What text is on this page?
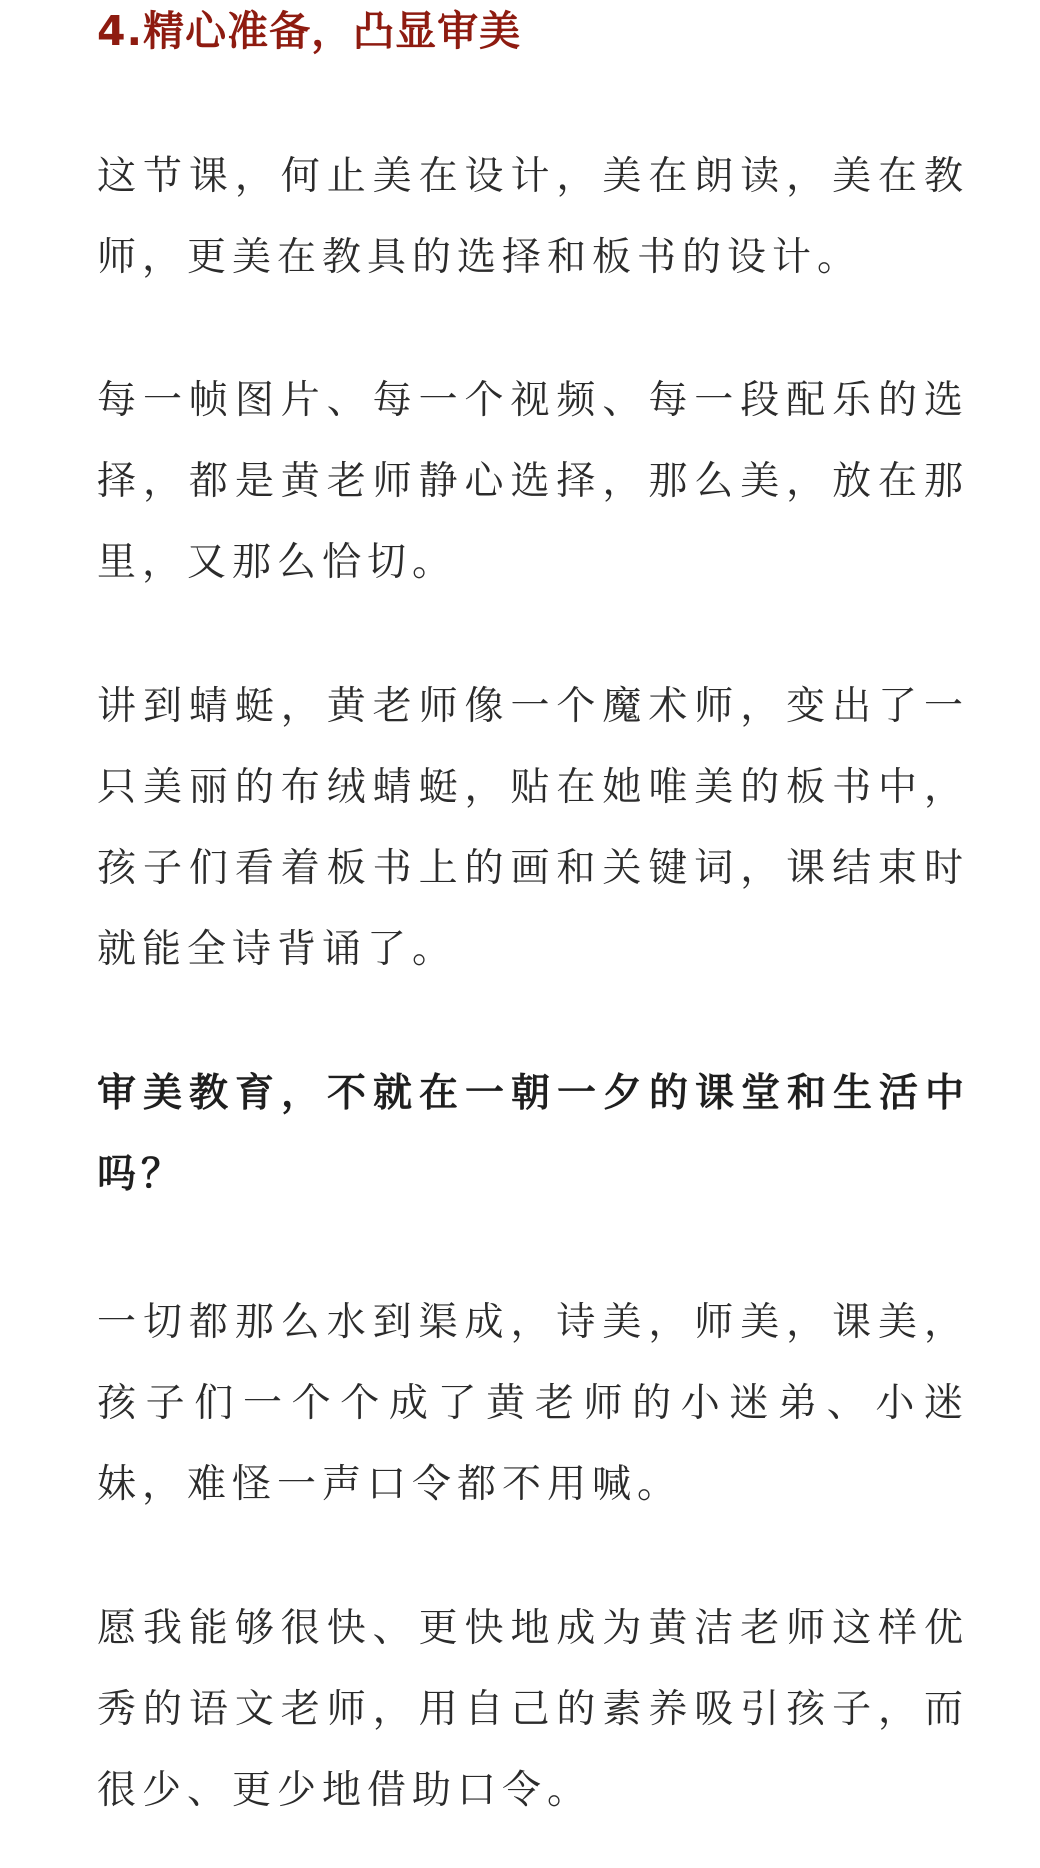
4.精心准备，凸显审美

这节课，何止美在设计，美在朗读，美在教师，更美在教具的选择和板书的设计。

每一帧图片、每一个视频、每一段配乐的选择，都是黄老师静心选择，那么美，放在那里，又那么恰切。

讲到蜻蜓，黄老师像一个魔术师，变出了一只美丽的布绒蜻蜓，贴在她唯美的板书中，孩子们看着板书上的画和关键词，课结束时就能全诗背诵了。

审美教育，不就在一朝一夕的课堂和生活中吗？

一切都那么水到渠成，诗美，师美，课美，孩子们一个个成了黄老师的小迷弟、小迷妹，难怪一声口令都不用喊。

愿我能够很快、更快地成为黄洁老师这样优秀的语文老师，用自己的素养吸引孩子，而很少、更少地借助口令。
